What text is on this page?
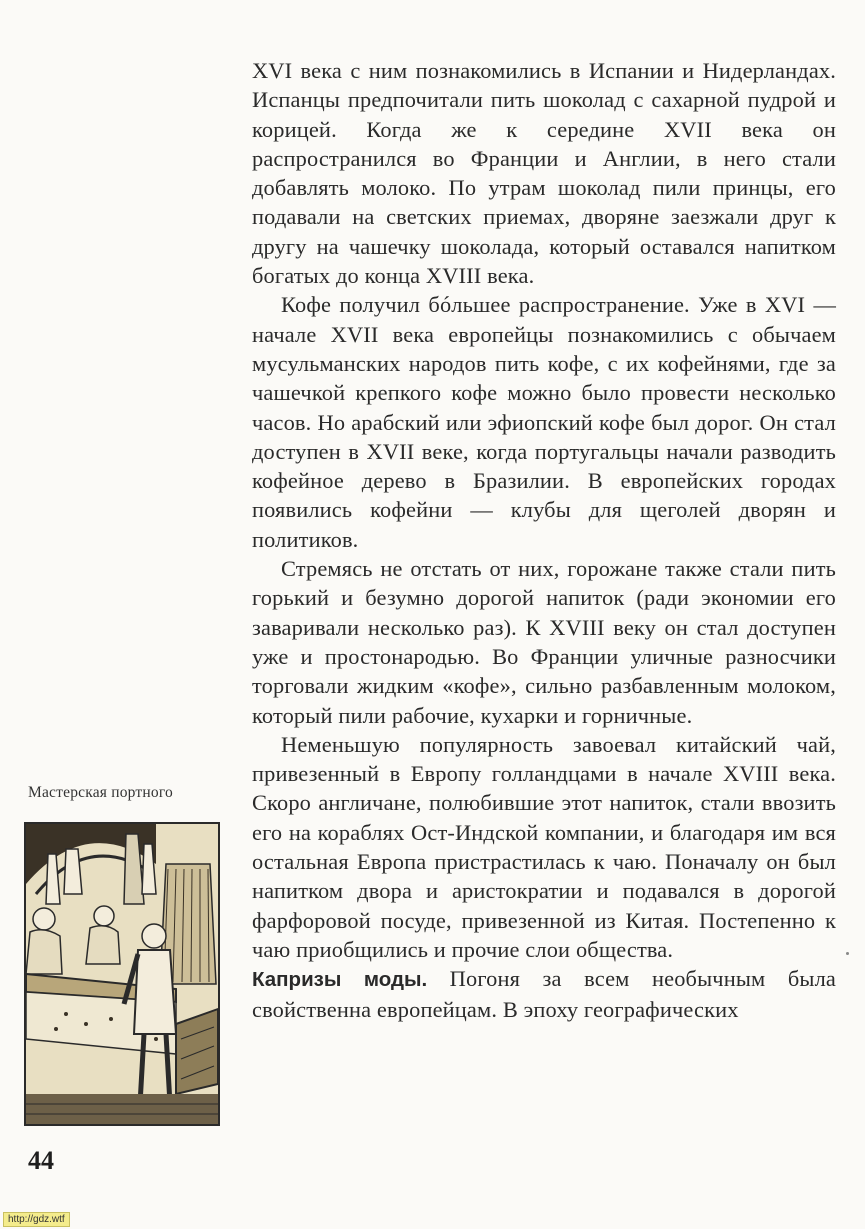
XVI века с ним познакомились в Испании и Нидерландах. Испанцы предпочитали пить шоколад с сахарной пудрой и корицей. Когда же к середине XVII века он распространился во Франции и Англии, в него стали добавлять молоко. По утрам шоколад пили принцы, его подавали на светских приемах, дворяне заезжали друг к другу на чашечку шоколада, который оставался напитком богатых до конца XVIII века.

Кофе получил бóльшее распространение. Уже в XVI — начале XVII века европейцы познакомились с обычаем мусульманских народов пить кофе, с их кофейнями, где за чашечкой крепкого кофе можно было провести несколько часов. Но арабский или эфиопский кофе был дорог. Он стал доступен в XVII веке, когда португальцы начали разводить кофейное дерево в Бразилии. В европейских городах появились кофейни — клубы для щеголей дворян и политиков.

Стремясь не отстать от них, горожане также стали пить горький и безумно дорогой напиток (ради экономии его заваривали несколько раз). К XVIII веку он стал доступен уже и простонародью. Во Франции уличные разносчики торговали жидким «кофе», сильно разбавленным молоком, который пили рабочие, кухарки и горничные.

Неменьшую популярность завоевал китайский чай, привезенный в Европу голландцами в начале XVIII века. Скоро англичане, полюбившие этот напиток, стали ввозить его на кораблях Ост-Индской компании, и благодаря им вся остальная Европа пристрастилась к чаю. Поначалу он был напитком двора и аристократии и подавался в дорогой фарфоровой посуде, привезенной из Китая. Постепенно к чаю приобщились и прочие слои общества.

Капризы моды. Погоня за всем необычным была свойственна европейцам. В эпоху географических

Мастерская портного
44
http://gdz.wtf
